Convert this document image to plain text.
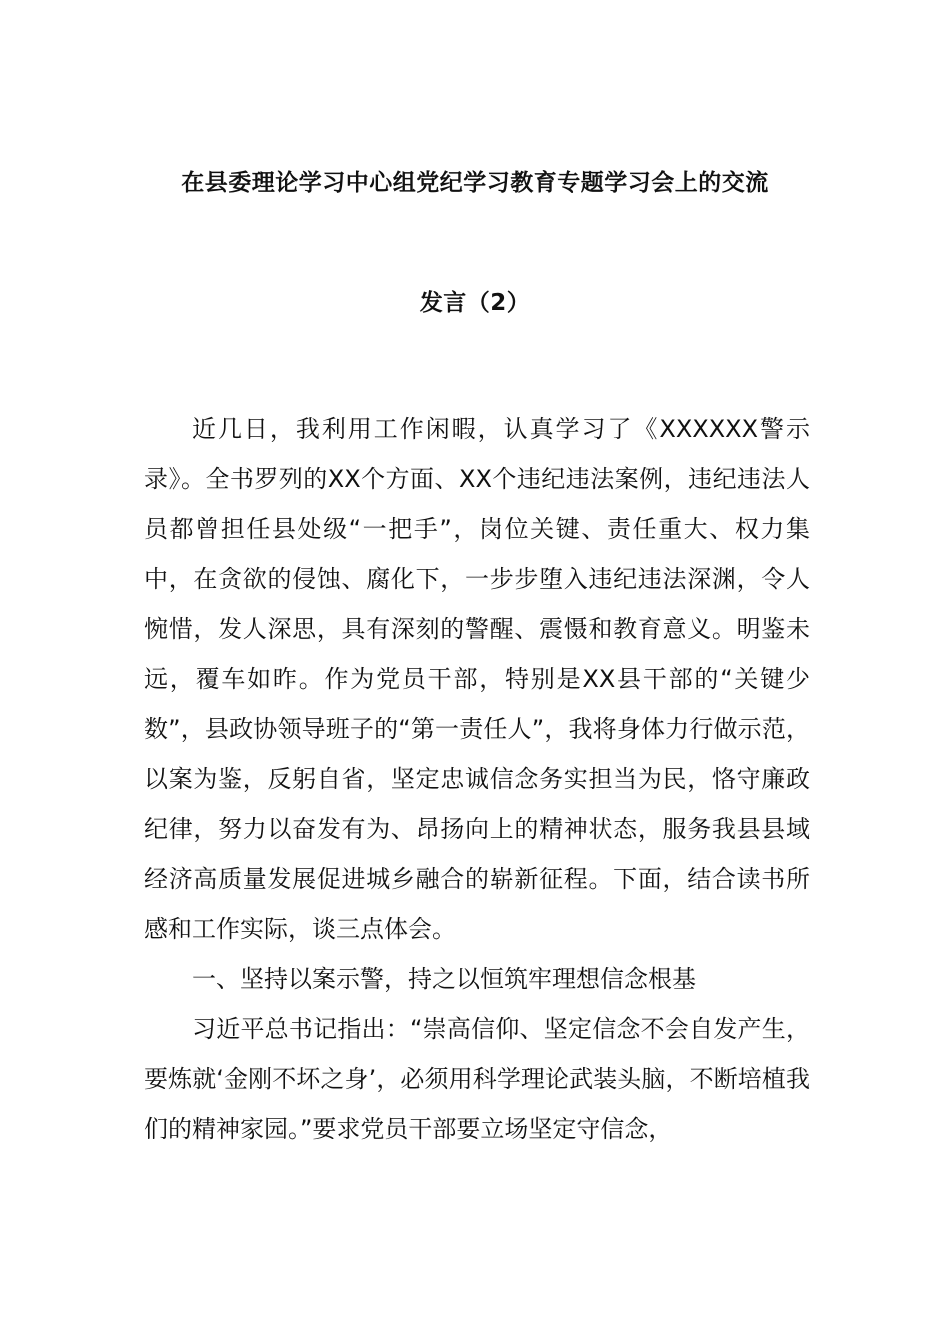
在县委理论学习中心组党纪学习教育专题学习会上的交流
发言（2）

近几日，我利用工作闲暇，认真学习了《XXXXXX警示录》。全书罗列的XX个方面、XX个违纪违法案例，违纪违法人员都曾担任县处级“一把手”，岗位关键、责任重大、权力集中，在贪欲的侵蚀、腐化下，一步步堕入违纪违法深渊，令人惋惜，发人深思，具有深刻的警醒、震慑和教育意义。明鉴未远，覆车如昨。作为党员干部，特别是XX县干部的“关键少数”，县政协领导班子的“第一责任人”，我将身体力行做示范，以案为鉴，反躬自省，坚定忠诚信念务实担当为民，恪守廉政纪律，努力以奋发有为、昂扬向上的精神状态，服务我县县域经济高质量发展促进城乡融合的崭新征程。下面，结合读书所感和工作实际，谈三点体会。

一、坚持以案示警，持之以恒筑牢理想信念根基

习近平总书记指出：“崇高信仰、坚定信念不会自发产生，要炼就‘金刚不坏之身’，必须用科学理论武装头脑，不断培植我们的精神家园。”要求党员干部要立场坚定守信念，
